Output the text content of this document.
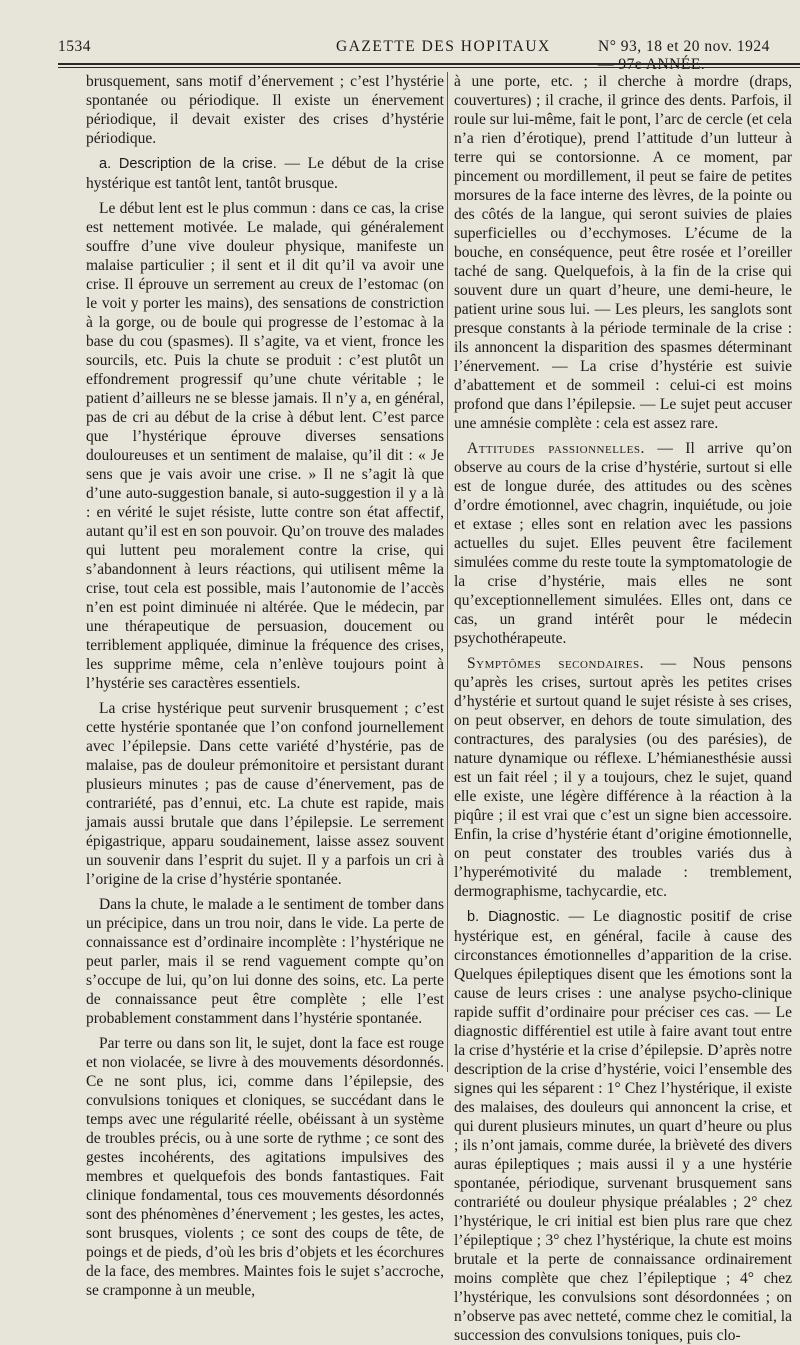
1534	GAZETTE DES HOPITAUX	N° 93, 18 et 20 nov. 1924 — 97e ANNÉE.

brusquement, sans motif d’énervement ; c’est l’hystérie spontanée ou périodique. Il existe un énervement périodique, il devait exister des crises d’hystérie périodique.

a. Description de la crise. — Le début de la crise hystérique est tantôt lent, tantôt brusque.

Le début lent est le plus commun : dans ce cas, la crise est nettement motivée. Le malade, qui généralement souffre d’une vive douleur physique, manifeste un malaise particulier ; il sent et il dit qu’il va avoir une crise. Il éprouve un serrement au creux de l’estomac (on le voit y porter les mains), des sensations de constriction à la gorge, ou de boule qui progresse de l’estomac à la base du cou (spasmes). Il s’agite, va et vient, fronce les sourcils, etc. Puis la chute se produit : c’est plutôt un effondrement progressif qu’une chute véritable ; le patient d’ailleurs ne se blesse jamais. Il n’y a, en général, pas de cri au début de la crise à début lent. C’est parce que l’hystérique éprouve diverses sensations douloureuses et un sentiment de malaise, qu’il dit : « Je sens que je vais avoir une crise. » Il ne s’agit là que d’une auto-suggestion banale, si auto-suggestion il y a là : en vérité le sujet résiste, lutte contre son état affectif, autant qu’il est en son pouvoir. Qu’on trouve des malades qui luttent peu moralement contre la crise, qui s’abandonnent à leurs réactions, qui utilisent même la crise, tout cela est possible, mais l’autonomie de l’accès n’en est point diminuée ni altérée. Que le médecin, par une thérapeutique de persuasion, doucement ou terriblement appliquée, diminue la fréquence des crises, les supprime même, cela n’enlève toujours point à l’hystérie ses caractères essentiels.

La crise hystérique peut survenir brusquement ; c’est cette hystérie spontanée que l’on confond journellement avec l’épilepsie. Dans cette variété d’hystérie, pas de malaise, pas de douleur prémonitoire et persistant durant plusieurs minutes ; pas de cause d’énervement, pas de contrariété, pas d’ennui, etc. La chute est rapide, mais jamais aussi brutale que dans l’épilepsie. Le serrement épigastrique, apparu soudainement, laisse assez souvent un souvenir dans l’esprit du sujet. Il y a parfois un cri à l’origine de la crise d’hystérie spontanée.

Dans la chute, le malade a le sentiment de tomber dans un précipice, dans un trou noir, dans le vide. La perte de connaissance est d’ordinaire incomplète : l’hystérique ne peut parler, mais il se rend vaguement compte qu’on s’occupe de lui, qu’on lui donne des soins, etc. La perte de connaissance peut être complète ; elle l’est probablement constamment dans l’hystérie spontanée.

Par terre ou dans son lit, le sujet, dont la face est rouge et non violacée, se livre à des mouvements désordonnés. Ce ne sont plus, ici, comme dans l’épilepsie, des convulsions toniques et cloniques, se succédant dans le temps avec une régularité réelle, obéissant à un système de troubles précis, ou à une sorte de rythme ; ce sont des gestes incohérents, des agitations impulsives des membres et quelquefois des bonds fantastiques. Fait clinique fondamental, tous ces mouvements désordonnés sont des phénomènes d’énervement ; les gestes, les actes, sont brusques, violents ; ce sont des coups de tête, de poings et de pieds, d’où les bris d’objets et les écorchures de la face, des membres. Maintes fois le sujet s’accroche, se cramponne à un meuble,

à une porte, etc. ; il cherche à mordre (draps, couvertures) ; il crache, il grince des dents. Parfois, il roule sur lui-même, fait le pont, l’arc de cercle (et cela n’a rien d’érotique), prend l’attitude d’un lutteur à terre qui se contorsionne. A ce moment, par pincement ou mordillement, il peut se faire de petites morsures de la face interne des lèvres, de la pointe ou des côtés de la langue, qui seront suivies de plaies superficielles ou d’ecchymoses. L’écume de la bouche, en conséquence, peut être rosée et l’oreiller taché de sang. Quelquefois, à la fin de la crise qui souvent dure un quart d’heure, une demi-heure, le patient urine sous lui. — Les pleurs, les sanglots sont presque constants à la période terminale de la crise : ils annoncent la disparition des spasmes déterminant l’énervement. — La crise d’hystérie est suivie d’abattement et de sommeil : celui-ci est moins profond que dans l’épilepsie. — Le sujet peut accuser une amnésie complète : cela est assez rare.

Attitudes passionnelles. — Il arrive qu’on observe au cours de la crise d’hystérie, surtout si elle est de longue durée, des attitudes ou des scènes d’ordre émotionnel, avec chagrin, inquiétude, ou joie et extase ; elles sont en relation avec les passions actuelles du sujet. Elles peuvent être facilement simulées comme du reste toute la symptomatologie de la crise d’hystérie, mais elles ne sont qu’exceptionnellement simulées. Elles ont, dans ce cas, un grand intérêt pour le médecin psychothérapeute.

Symptômes secondaires. — Nous pensons qu’après les crises, surtout après les petites crises d’hystérie et surtout quand le sujet résiste à ses crises, on peut observer, en dehors de toute simulation, des contractures, des paralysies (ou des parésies), de nature dynamique ou réflexe. L’hémianesthésie aussi est un fait réel ; il y a toujours, chez le sujet, quand elle existe, une légère différence à la réaction à la piqûre ; il est vrai que c’est un signe bien accessoire. Enfin, la crise d’hystérie étant d’origine émotionnelle, on peut constater des troubles variés dus à l’hyperémotivité du malade : tremblement, dermographisme, tachycardie, etc.

b. Diagnostic. — Le diagnostic positif de crise hystérique est, en général, facile à cause des circonstances émotionnelles d’apparition de la crise. Quelques épileptiques disent que les émotions sont la cause de leurs crises : une analyse psycho-clinique rapide suffit d’ordinaire pour préciser ces cas. — Le diagnostic différentiel est utile à faire avant tout entre la crise d’hystérie et la crise d’épilepsie. D’après notre description de la crise d’hystérie, voici l’ensemble des signes qui les séparent : 1° Chez l’hystérique, il existe des malaises, des douleurs qui annoncent la crise, et qui durent plusieurs minutes, un quart d’heure ou plus ; ils n’ont jamais, comme durée, la brièveté des divers auras épileptiques ; mais aussi il y a une hystérie spontanée, périodique, survenant brusquement sans contrariété ou douleur physique préalables ; 2° chez l’hystérique, le cri initial est bien plus rare que chez l’épileptique ; 3° chez l’hystérique, la chute est moins brutale et la perte de connaissance ordinairement moins complète que chez l’épileptique ; 4° chez l’hystérique, les convulsions sont désordonnées ; on n’observe pas avec netteté, comme chez le comitial, la succession des convulsions toniques, puis clo-
